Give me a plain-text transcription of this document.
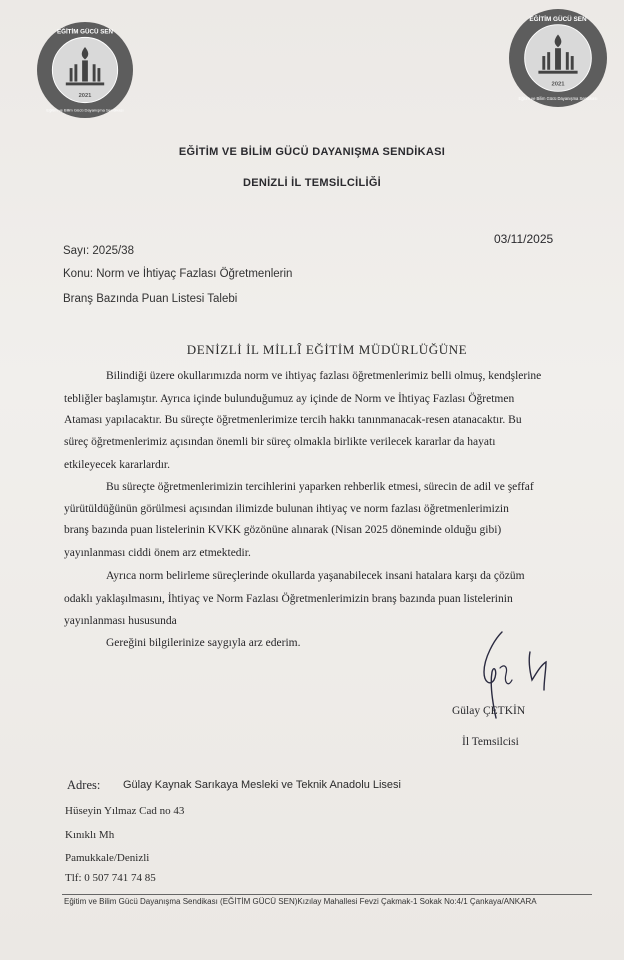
2021
EĞİTİM GÜCÜ SEN
Eğitim ve Bilim Gücü Dayanışma Sendikası
2021
EĞİTİM GÜCÜ SEN
Eğitim ve Bilim Gücü Dayanışma Sendikası
EĞİTİM VE BİLİM GÜCÜ DAYANIŞMA SENDİKASI
DENİZLİ İL TEMSİLCİLİĞİ
03/11/2025
Sayı: 2025/38
Konu: Norm ve İhtiyaç Fazlası Öğretmenlerin
Branş Bazında Puan Listesi Talebi
DENİZLİ İL MİLLÎ EĞİTİM MÜDÜRLÜĞÜNE
Bilindiği üzere okullarımızda norm ve ihtiyaç fazlası öğretmenlerimiz belli olmuş, kendşlerine
tebliğler başlamıştır. Ayrıca içinde bulunduğumuz ay içinde de Norm ve İhtiyaç Fazlası Öğretmen
Ataması yapılacaktır. Bu süreçte öğretmenlerimize tercih hakkı tanınmanacak-resen atanacaktır. Bu
süreç öğretmenlerimiz açısından önemli bir süreç olmakla birlikte verilecek kararlar da hayatı
etkileyecek kararlardır.
Bu süreçte öğretmenlerimizin tercihlerini yaparken rehberlik etmesi, sürecin de adil ve şeffaf
yürütüldüğünün görülmesi açısından ilimizde bulunan ihtiyaç ve norm fazlası öğretmenlerimizin
branş bazında puan listelerinin KVKK gözönüne alınarak (Nisan 2025 döneminde olduğu gibi)
yayınlanması ciddi önem arz etmektedir.
Ayrıca norm belirleme süreçlerinde okullarda yaşanabilecek insani hatalara karşı da çözüm
odaklı yaklaşılmasını, İhtiyaç ve Norm Fazlası Öğretmenlerimizin branş bazında puan listelerinin
yayınlanması hususunda
Gereğini bilgilerinize saygıyla arz ederim.
Gülay ÇETKİN
İl Temsilcisi
Adres: Gülay Kaynak Sarıkaya Mesleki ve Teknik Anadolu Lisesi
Hüseyin Yılmaz Cad no 43
Kınıklı Mh
Pamukkale/Denizli
Tlf: 0 507 741 74 85
Eğitim ve Bilim Gücü Dayanışma Sendikası (EĞİTİM GÜCÜ SEN)Kızılay Mahallesi Fevzi Çakmak-1 Sokak No:4/1 Çankaya/ANKARA
